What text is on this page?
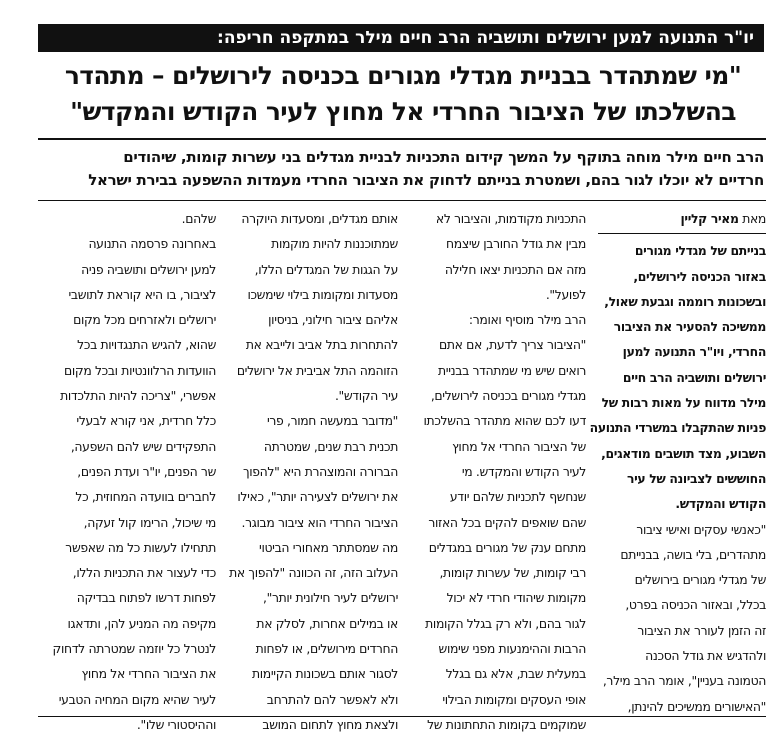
יו"ר התנועה למען ירושלים ותושביה הרב חיים מילר במתקפה חריפה:
"מי שמתהדר בבניית מגדלי מגורים בכניסה לירושלים – מתהדר
בהשלכתו של הציבור החרדי אל מחוץ לעיר הקודש והמקדש"
הרב חיים מילר מוחה בתוקף על המשך קידום התכניות לבניית מגדלים בני עשרות קומות, שיהודים
חרדיים לא יוכלו לגור בהם, ושמטרת בנייתם לדחוק את הציבור החרדי מעמדות ההשפעה בבירת ישראל
מאת מאיר קליין
בנייתם של מגדלי מגורים
באזור הכניסה לירושלים,
ובשכונות רוממה וגבעת שאול,
ממשיכה להסעיר את הציבור
החרדי, ויו"ר התנועה למען
ירושלים ותושביה הרב חיים
מילר מדווח על מאות רבות של
פניות שהתקבלו במשרדי התנועה
השבוע, מצד תושבים מודאגים,
החוששים לצביונה של עיר
הקודש והמקדש.
"כאנשי עסקים ואישי ציבור
מתהדרים, בלי בושה, בבנייתם
של מגדלי מגורים בירושלים
בכלל, ובאזור הכניסה בפרט,
זה הזמן לעורר את הציבור
ולהדגיש את גודל הסכנה
הטמונה בעניין", אומר הרב מילר,
"האישורים ממשיכים להינתן,
התכניות מקודמות, והציבור לא
מבין את גודל החורבן שיצמח
מזה אם התכניות יצאו חלילה
לפועל".
הרב מילר מוסיף ואומר:
"הציבור צריך לדעת, אם אתם
רואים שיש מי שמתהדר בבניית
מגדלי מגורים בכניסה לירושלים,
דעו לכם שהוא מתהדר בהשלכתו
של הציבור החרדי אל מחוץ
לעיר הקודש והמקדש. מי
שנחשף לתכניות שלהם יודע
שהם שואפים להקים בכל האזור
מתחם ענק של מגורים במגדלים
רבי קומות, של עשרות קומות,
מקומות שיהודי חרדי לא יכול
לגור בהם, ולא רק בגלל הקומות
הרבות וההימנעות מפני שימוש
במעלית שבת, אלא גם בגלל
אופי העסקים ומקומות הבילוי
שמוקמים בקומות התחתונות של
אותם מגדלים, ומסעדות היוקרה
שמתוכננות להיות מוקמות
על הגגות של המגדלים הללו,
מסעדות ומקומות בילוי שימשכו
אליהם ציבור חילוני, בניסיון
להתחרות בתל אביב ולייבא את
הזוהמה התל אביבית אל ירושלים
עיר הקודש".
"מדובר במעשה חמור, פרי
תכנית רבת שנים, שמטרתה
הברורה והמוצהרת היא "להפוך
את ירושלים לצעירה יותר", כאילו
הציבור החרדי הוא ציבור מבוגר.
מה שמסתתר מאחורי הביטוי
העלוב הזה, זה הכוונה "להפוך את
ירושלים לעיר חילונית יותר",
או במילים אחרות, לסלק את
החרדים מירושלים, או לפחות
לסגור אותם בשכונות הקיימות
ולא לאפשר להם להתרחב
ולצאת מחוץ לתחום המושב
שלהם.
באחרונה פרסמה התנועה
למען ירושלים ותושביה פניה
לציבור, בו היא קוראת לתושבי
ירושלים ולאזרחים מכל מקום
שהוא, להגיש התנגדויות בכל
הוועדות הרלוונטיות ובכל מקום
אפשרי, "צריכה להיות התלכדות
כלל חרדית, אני קורא לבעלי
התפקידים שיש להם השפעה,
שר הפנים, יו"ר ועדת הפנים,
לחברים בוועדה המחוזית, כל
מי שיכול, הרימו קול זעקה,
תתחילו לעשות כל מה שאפשר
כדי לעצור את התכניות הללו,
לפחות דרשו לפתוח בבדיקה
מקיפה מה המניע להן, ותדאגו
לנטרל כל יוזמה שמטרתה לדחוק
את הציבור החרדי אל מחוץ
לעיר שהיא מקום המחיה הטבעי
וההיסטורי שלו".
